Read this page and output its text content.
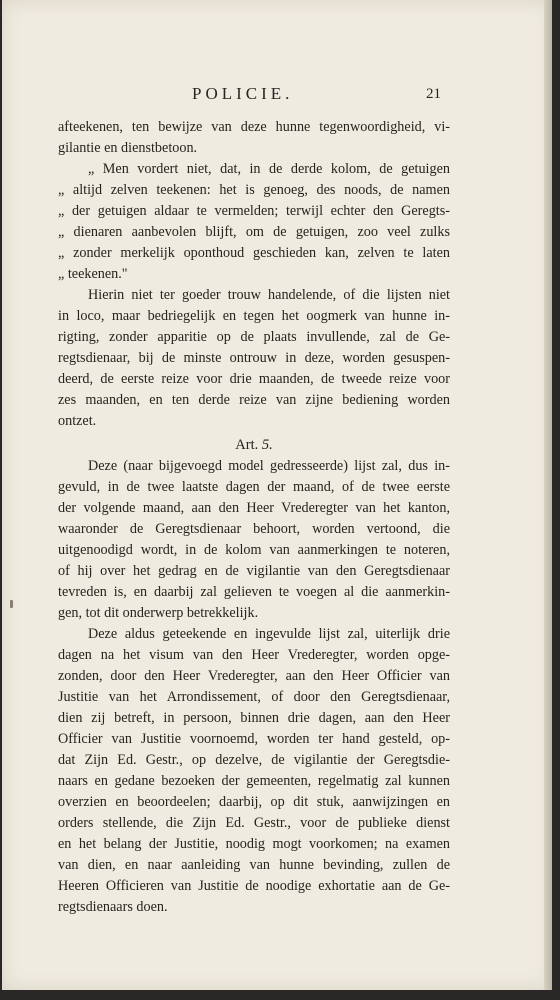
POLICIE.	21
afteekenen, ten bewijze van deze hunne tegenwoordigheid, vi-
gilantie en dienstbetoon.
„ Men vordert niet, dat, in de derde kolom, de getuigen
„ altijd zelven teekenen: het is genoeg, des noods, de namen
„ der getuigen aldaar te vermelden; terwijl echter den Geregts-
„ dienaren aanbevolen blijft, om de getuigen, zoo veel zulks
„ zonder merkelijk oponthoud geschieden kan, zelven te laten
„ teekenen."
Hierin niet ter goeder trouw handelende, of die lijsten niet
in loco, maar bedriegelijk en tegen het oogmerk van hunne in-
rigting, zonder apparitie op de plaats invullende, zal de Ge-
regtsdienaar, bij de minste ontrouw in deze, worden gesuspen-
deerd, de eerste reize voor drie maanden, de tweede reize voor
zes maanden, en ten derde reize van zijne bediening worden
ontzet.
Art. 5.
Deze (naar bijgevoegd model gedresseerde) lijst zal, dus in-
gevuld, in de twee laatste dagen der maand, of de twee eerste
der volgende maand, aan den Heer Vrederegter van het kanton,
waaronder de Geregtsdienaar behoort, worden vertoond, die
uitgenoodigd wordt, in de kolom van aanmerkingen te noteren,
of hij over het gedrag en de vigilantie van den Geregtsdienaar
tevreden is, en daarbij zal gelieven te voegen al die aanmerkin-
gen, tot dit onderwerp betrekkelijk.
Deze aldus geteekende en ingevulde lijst zal, uiterlijk drie
dagen na het visum van den Heer Vrederegter, worden opge-
zonden, door den Heer Vrederegter, aan den Heer Officier van
Justitie van het Arrondissement, of door den Geregtsdienaar,
dien zij betreft, in persoon, binnen drie dagen, aan den Heer
Officier van Justitie voornoemd, worden ter hand gesteld, op-
dat Zijn Ed. Gestr., op dezelve, de vigilantie der Geregtsdie-
naars en gedane bezoeken der gemeenten, regelmatig zal kunnen
overzien en beoordeelen; daarbij, op dit stuk, aanwijzingen en
orders stellende, die Zijn Ed. Gestr., voor de publieke dienst
en het belang der Justitie, noodig mogt voorkomen; na examen
van dien, en naar aanleiding van hunne bevinding, zullen de
Heeren Officieren van Justitie de noodige exhortatie aan de Ge-
regtsdienaars doen.
